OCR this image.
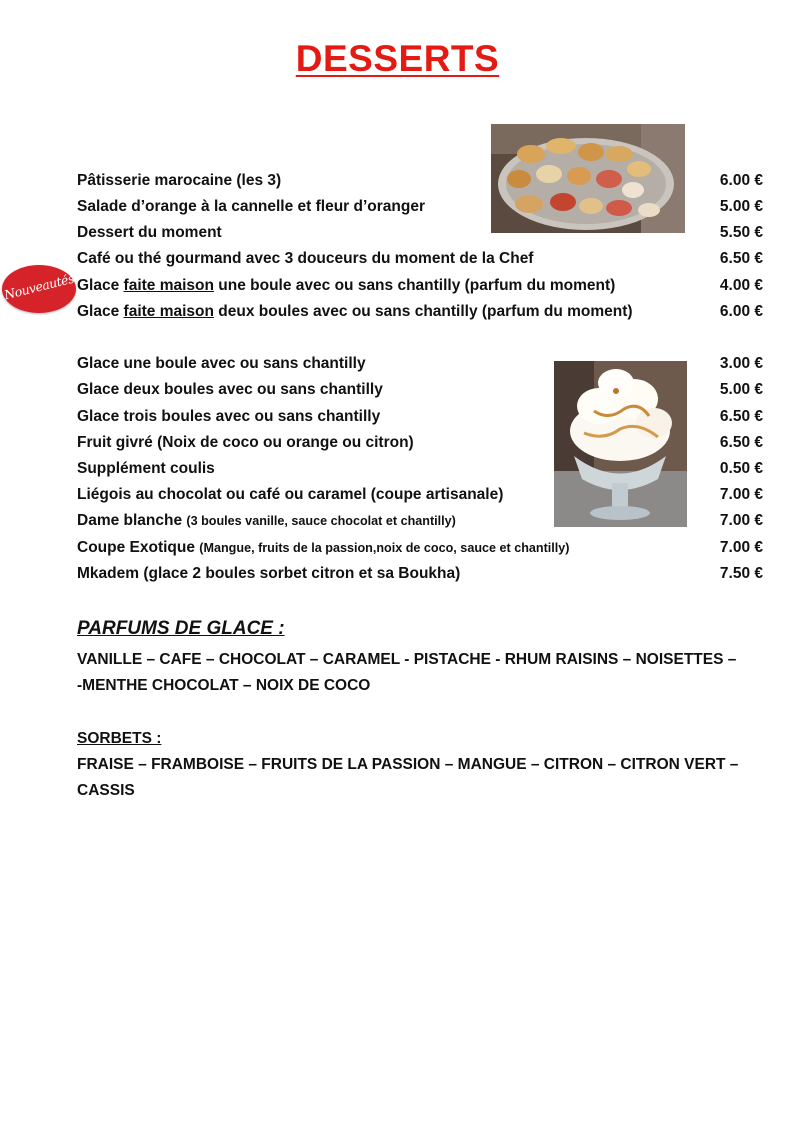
DESSERTS
Nouveautés
Pâtisserie marocaine (les 3)	6.00 €
Salade d’orange à la cannelle et fleur d’oranger	5.00 €
Dessert du moment	5.50 €
Café ou thé gourmand avec 3 douceurs du moment de la Chef	6.50 €
Glace faite maison une boule avec ou sans chantilly (parfum du moment)	4.00 €
Glace faite maison deux boules avec ou sans chantilly (parfum du moment)	6.00 €
Glace une boule avec ou sans chantilly	3.00 €
Glace deux boules avec ou sans chantilly	5.00 €
Glace trois boules avec ou sans chantilly	6.50 €
Fruit givré (Noix de coco ou orange ou citron)	6.50 €
Supplément coulis	0.50 €
Liégois au chocolat ou café ou caramel (coupe artisanale)	7.00 €
Dame blanche (3 boules vanille, sauce chocolat et chantilly)	7.00 €
Coupe Exotique (Mangue, fruits de la passion,noix de coco, sauce et chantilly)	7.00 €
Mkadem (glace 2 boules sorbet citron et sa Boukha)	7.50 €
PARFUMS DE GLACE :
VANILLE – CAFE – CHOCOLAT – CARAMEL - PISTACHE - RHUM RAISINS – NOISETTES –
-MENTHE CHOCOLAT – NOIX DE COCO
SORBETS :
FRAISE – FRAMBOISE – FRUITS DE LA PASSION – MANGUE – CITRON – CITRON VERT –
CASSIS
